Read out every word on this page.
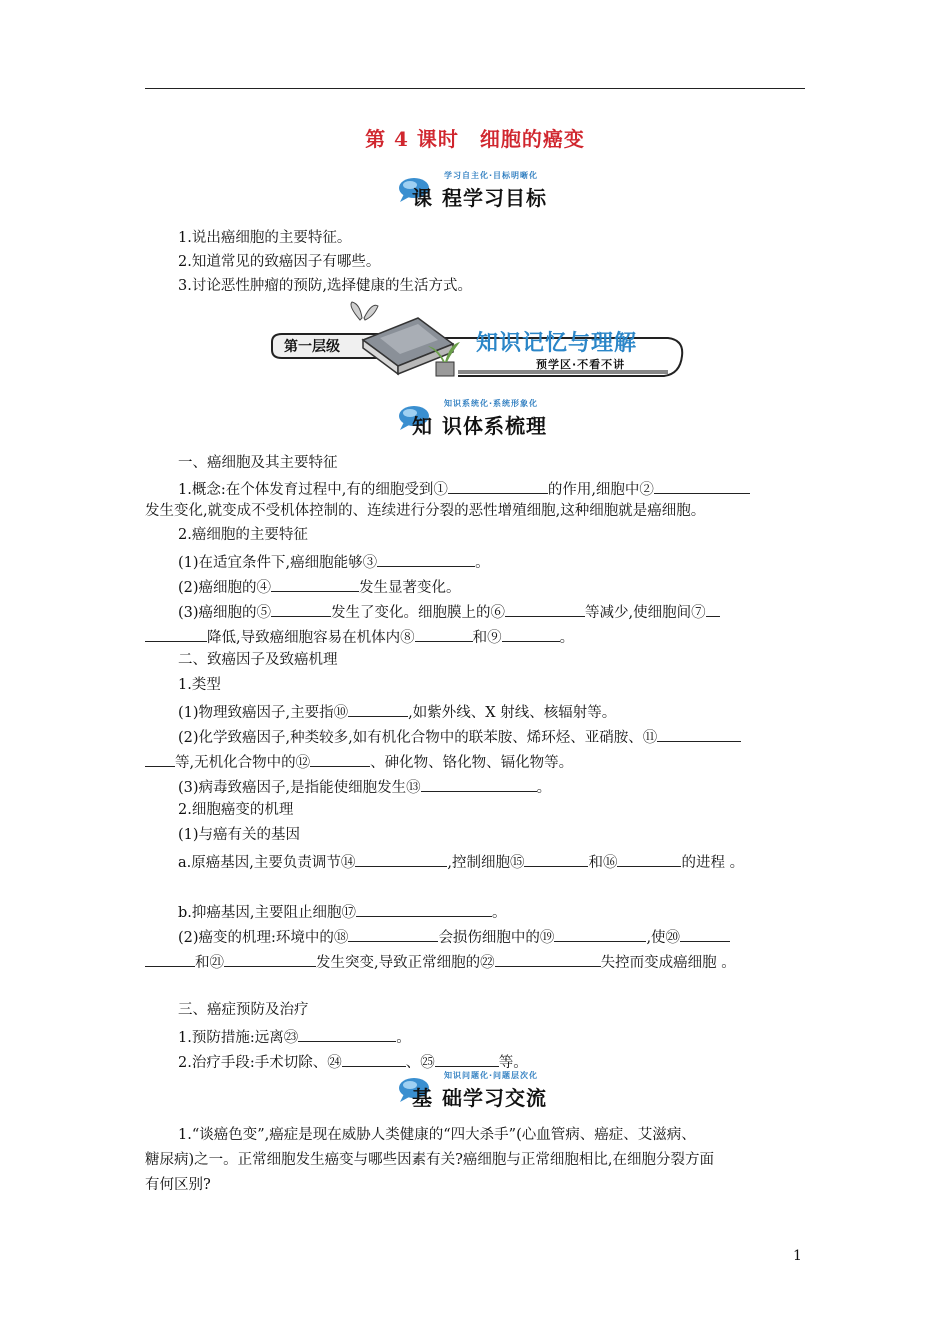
第 4 课时　细胞的癌变
学习自主化·目标明晰化
课 程学习目标
1.说出癌细胞的主要特征。
2.知道常见的致癌因子有哪些。
3.讨论恶性肿瘤的预防,选择健康的生活方式。
第一层级	知识记忆与理解
预学区·不看不讲
知识系统化·系统形象化
知 识体系梳理
一、癌细胞及其主要特征
1.概念:在个体发育过程中,有的细胞受到①	的作用,细胞中②
发生变化,就变成不受机体控制的、连续进行分裂的恶性增殖细胞,这种细胞就是癌细胞。
2.癌细胞的主要特征
(1)在适宜条件下,癌细胞能够③	。
(2)癌细胞的④	发生显著变化。
(3)癌细胞的⑤	发生了变化。细胞膜上的⑥	等减少,使细胞间⑦
降低,导致癌细胞容易在机体内⑧	和⑨	。
二、致癌因子及致癌机理
1.类型
(1)物理致癌因子,主要指⑩	,如紫外线、X 射线、核辐射等。
(2)化学致癌因子,种类较多,如有机化合物中的联苯胺、烯环烃、亚硝胺、⑪
等,无机化合物中的⑫	、砷化物、铬化物、镉化物等。
(3)病毒致癌因子,是指能使细胞发生⑬	。
2.细胞癌变的机理
(1)与癌有关的基因
a.原癌基因,主要负责调节⑭	,控制细胞⑮	和⑯	的进程 。
b.抑癌基因,主要阻止细胞⑰	。
(2)癌变的机理:环境中的⑱	会损伤细胞中的⑲	,使⑳
和㉑	发生突变,导致正常细胞的㉒	失控而变成癌细胞 。
三、癌症预防及治疗
1.预防措施:远离㉓	。
2.治疗手段:手术切除、㉔	、㉕	等。
知识问题化·问题层次化
基 础学习交流
1.“谈癌色变”,癌症是现在威胁人类健康的“四大杀手”(心血管病、癌症、艾滋病、
糖尿病)之一。正常细胞发生癌变与哪些因素有关?癌细胞与正常细胞相比,在细胞分裂方面
有何区别?
1
